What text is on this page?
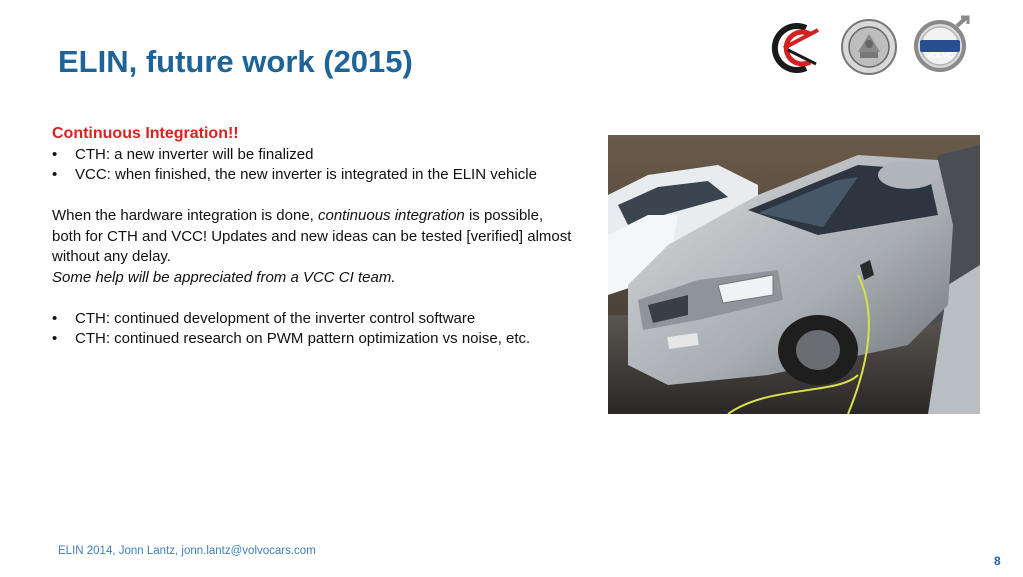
ELIN, future work (2015)	VOLVO
Continuous Integration!!
•	CTH: a new inverter will be finalized
•	VCC: when finished, the new inverter is integrated in the ELIN vehicle
When the hardware integration is done, continuous integration is possible, both for CTH and VCC! Updates and new ideas can be tested [verified] almost without any delay.
Some help will be appreciated from a VCC CI team.
•	CTH: continued development of the inverter control software
•	CTH: continued research on PWM pattern optimization vs noise, etc.
ELIN 2014, Jonn Lantz, jonn.lantz@volvocars.com
8
